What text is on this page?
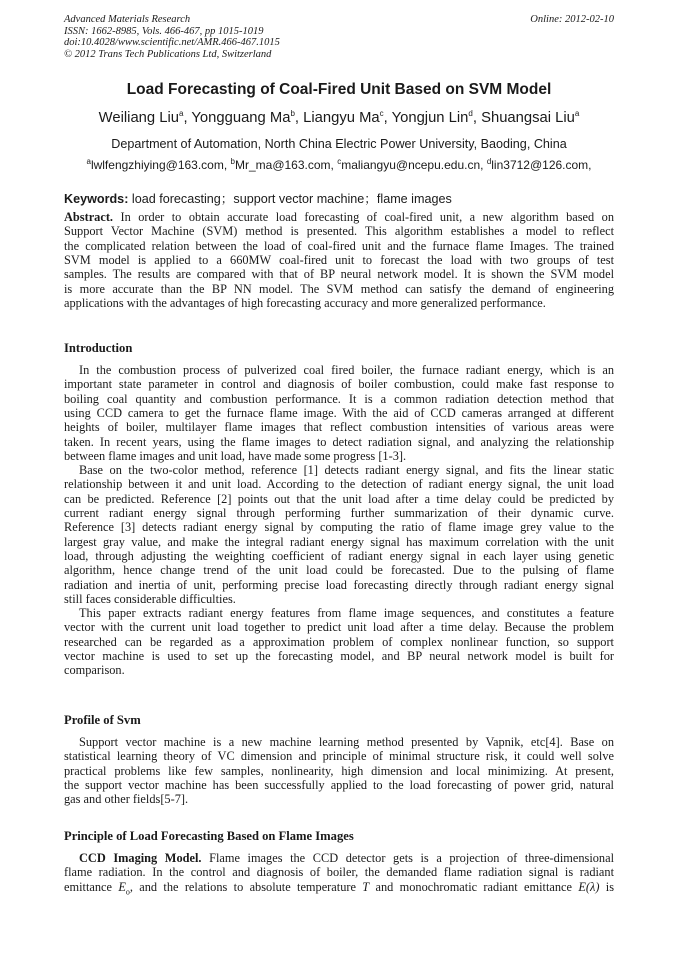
Advanced Materials Research
ISSN: 1662-8985, Vols. 466-467, pp 1015-1019
doi:10.4028/www.scientific.net/AMR.466-467.1015
© 2012 Trans Tech Publications Ltd, Switzerland
Online: 2012-02-10
Load Forecasting of Coal-Fired Unit Based on SVM Model
Weiliang Liu$^a$, Yongguang Ma$^b$, Liangyu Ma$^c$, Yongjun Lin$^d$, Shuangsai Liu$^a$
Department of Automation, North China Electric Power University, Baoding, China
$^a$lwlfengzhiying@163.com, $^b$Mr_ma@163.com, $^c$maliangyu@ncepu.edu.cn, $^d$lin3712@126.com,
Keywords: load forecasting；support vector machine；flame images
Abstract. In order to obtain accurate load forecasting of coal-fired unit, a new algorithm based on
Support Vector Machine (SVM) method is presented. This algorithm establishes a model to reflect
the complicated relation between the load of coal-fired unit and the furnace flame Images. The trained
SVM model is applied to a 660MW coal-fired unit to forecast the load with two groups of test
samples. The results are compared with that of BP neural network model. It is shown the SVM model
is more accurate than the BP NN model. The SVM method can satisfy the demand of engineering
applications with the advantages of high forecasting accuracy and more generalized performance.
Introduction
In the combustion process of pulverized coal fired boiler, the furnace radiant energy, which is an
important state parameter in control and diagnosis of boiler combustion, could make fast response to
boiling coal quantity and combustion performance. It is a common radiation detection method that
using CCD camera to get the furnace flame image. With the aid of CCD cameras arranged at different
heights of boiler, multilayer flame images that reflect combustion intensities of various areas were
taken. In recent years, using the flame images to detect radiation signal, and analyzing the relationship
between flame images and unit load, have made some progress [1-3].
Base on the two-color method, reference [1] detects radiant energy signal, and fits the linear static
relationship between it and unit load. According to the detection of radiant energy signal, the unit load
can be predicted. Reference [2] points out that the unit load after a time delay could be predicted by
current radiant energy signal through performing further summarization of their dynamic curve.
Reference [3] detects radiant energy signal by computing the ratio of flame image grey value to the
largest gray value, and make the integral radiant energy signal has maximum correlation with the unit
load, through adjusting the weighting coefficient of radiant energy signal in each layer using genetic
algorithm, hence change trend of the unit load could be forecasted. Due to the pulsing of flame
radiation and inertia of unit, performing precise load forecasting directly through radiant energy signal
still faces considerable difficulties.
This paper extracts radiant energy features from flame image sequences, and constitutes a feature
vector with the current unit load together to predict unit load after a time delay. Because the problem
researched can be regarded as a approximation problem of complex nonlinear function, so support
vector machine is used to set up the forecasting model, and BP neural network model is built for
comparison.
Profile of Svm
Support vector machine is a new machine learning method presented by Vapnik, etc[4]. Base on
statistical learning theory of VC dimension and principle of minimal structure risk, it could well solve
practical problems like few samples, nonlinearity, high dimension and local minimizing. At present,
the support vector machine has been successfully applied to the load forecasting of power grid, natural
gas and other fields[5-7].
Principle of Load Forecasting Based on Flame Images
CCD Imaging Model. Flame images the CCD detector gets is a projection of three-dimensional
flame radiation. In the control and diagnosis of boiler, the demanded flame radiation signal is radiant
emittance $E_o$, and the relations to absolute temperature T and monochromatic radiant emittance E(λ) is
